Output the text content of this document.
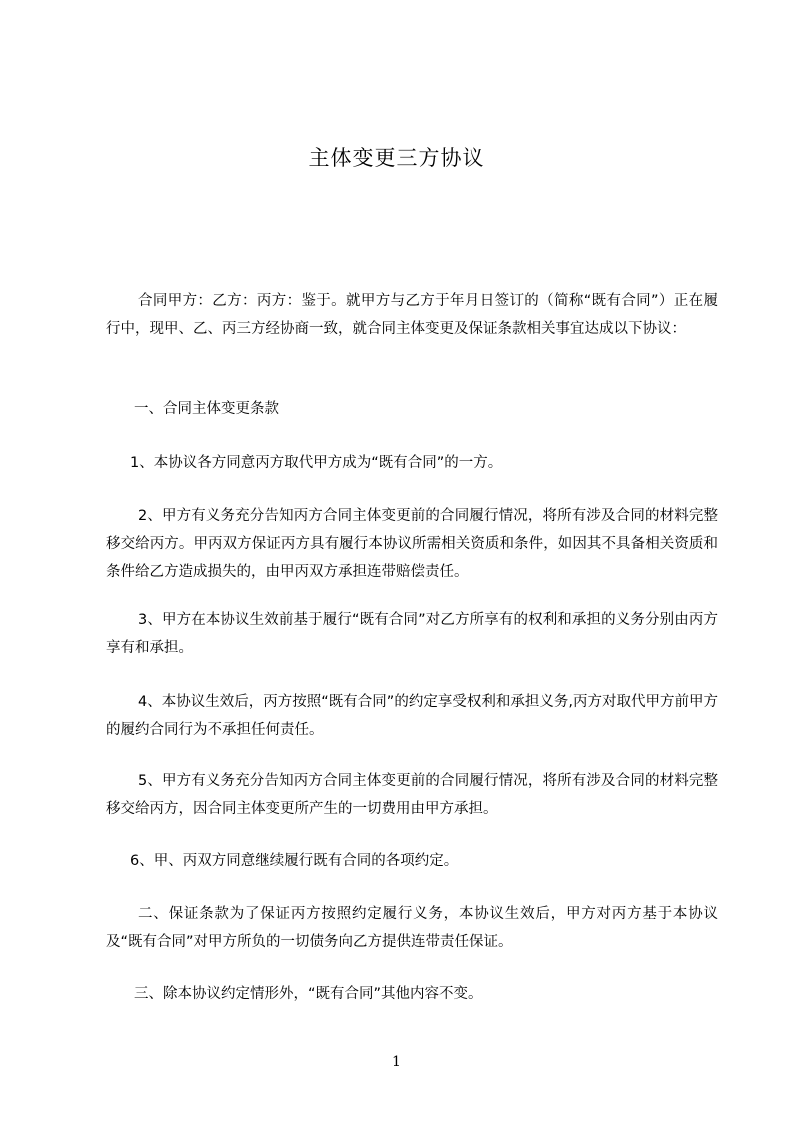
主体变更三方协议

合同甲方：乙方：丙方：鉴于。就甲方与乙方于年月日签订的（简称“既有合同”）正在履行中，现甲、乙、丙三方经协商一致，就合同主体变更及保证条款相关事宜达成以下协议：

一、合同主体变更条款

1、本协议各方同意丙方取代甲方成为“既有合同”的一方。

2、甲方有义务充分告知丙方合同主体变更前的合同履行情况，将所有涉及合同的材料完整移交给丙方。甲丙双方保证丙方具有履行本协议所需相关资质和条件，如因其不具备相关资质和条件给乙方造成损失的，由甲丙双方承担连带赔偿责任。

3、甲方在本协议生效前基于履行“既有合同”对乙方所享有的权利和承担的义务分别由丙方享有和承担。

4、本协议生效后，丙方按照“既有合同”的约定享受权利和承担义务,丙方对取代甲方前甲方的履约合同行为不承担任何责任。

5、甲方有义务充分告知丙方合同主体变更前的合同履行情况，将所有涉及合同的材料完整移交给丙方，因合同主体变更所产生的一切费用由甲方承担。

6、甲、丙双方同意继续履行既有合同的各项约定。

二、保证条款为了保证丙方按照约定履行义务，本协议生效后，甲方对丙方基于本协议及“既有合同”对甲方所负的一切债务向乙方提供连带责任保证。

三、除本协议约定情形外，“既有合同”其他内容不变。

1
